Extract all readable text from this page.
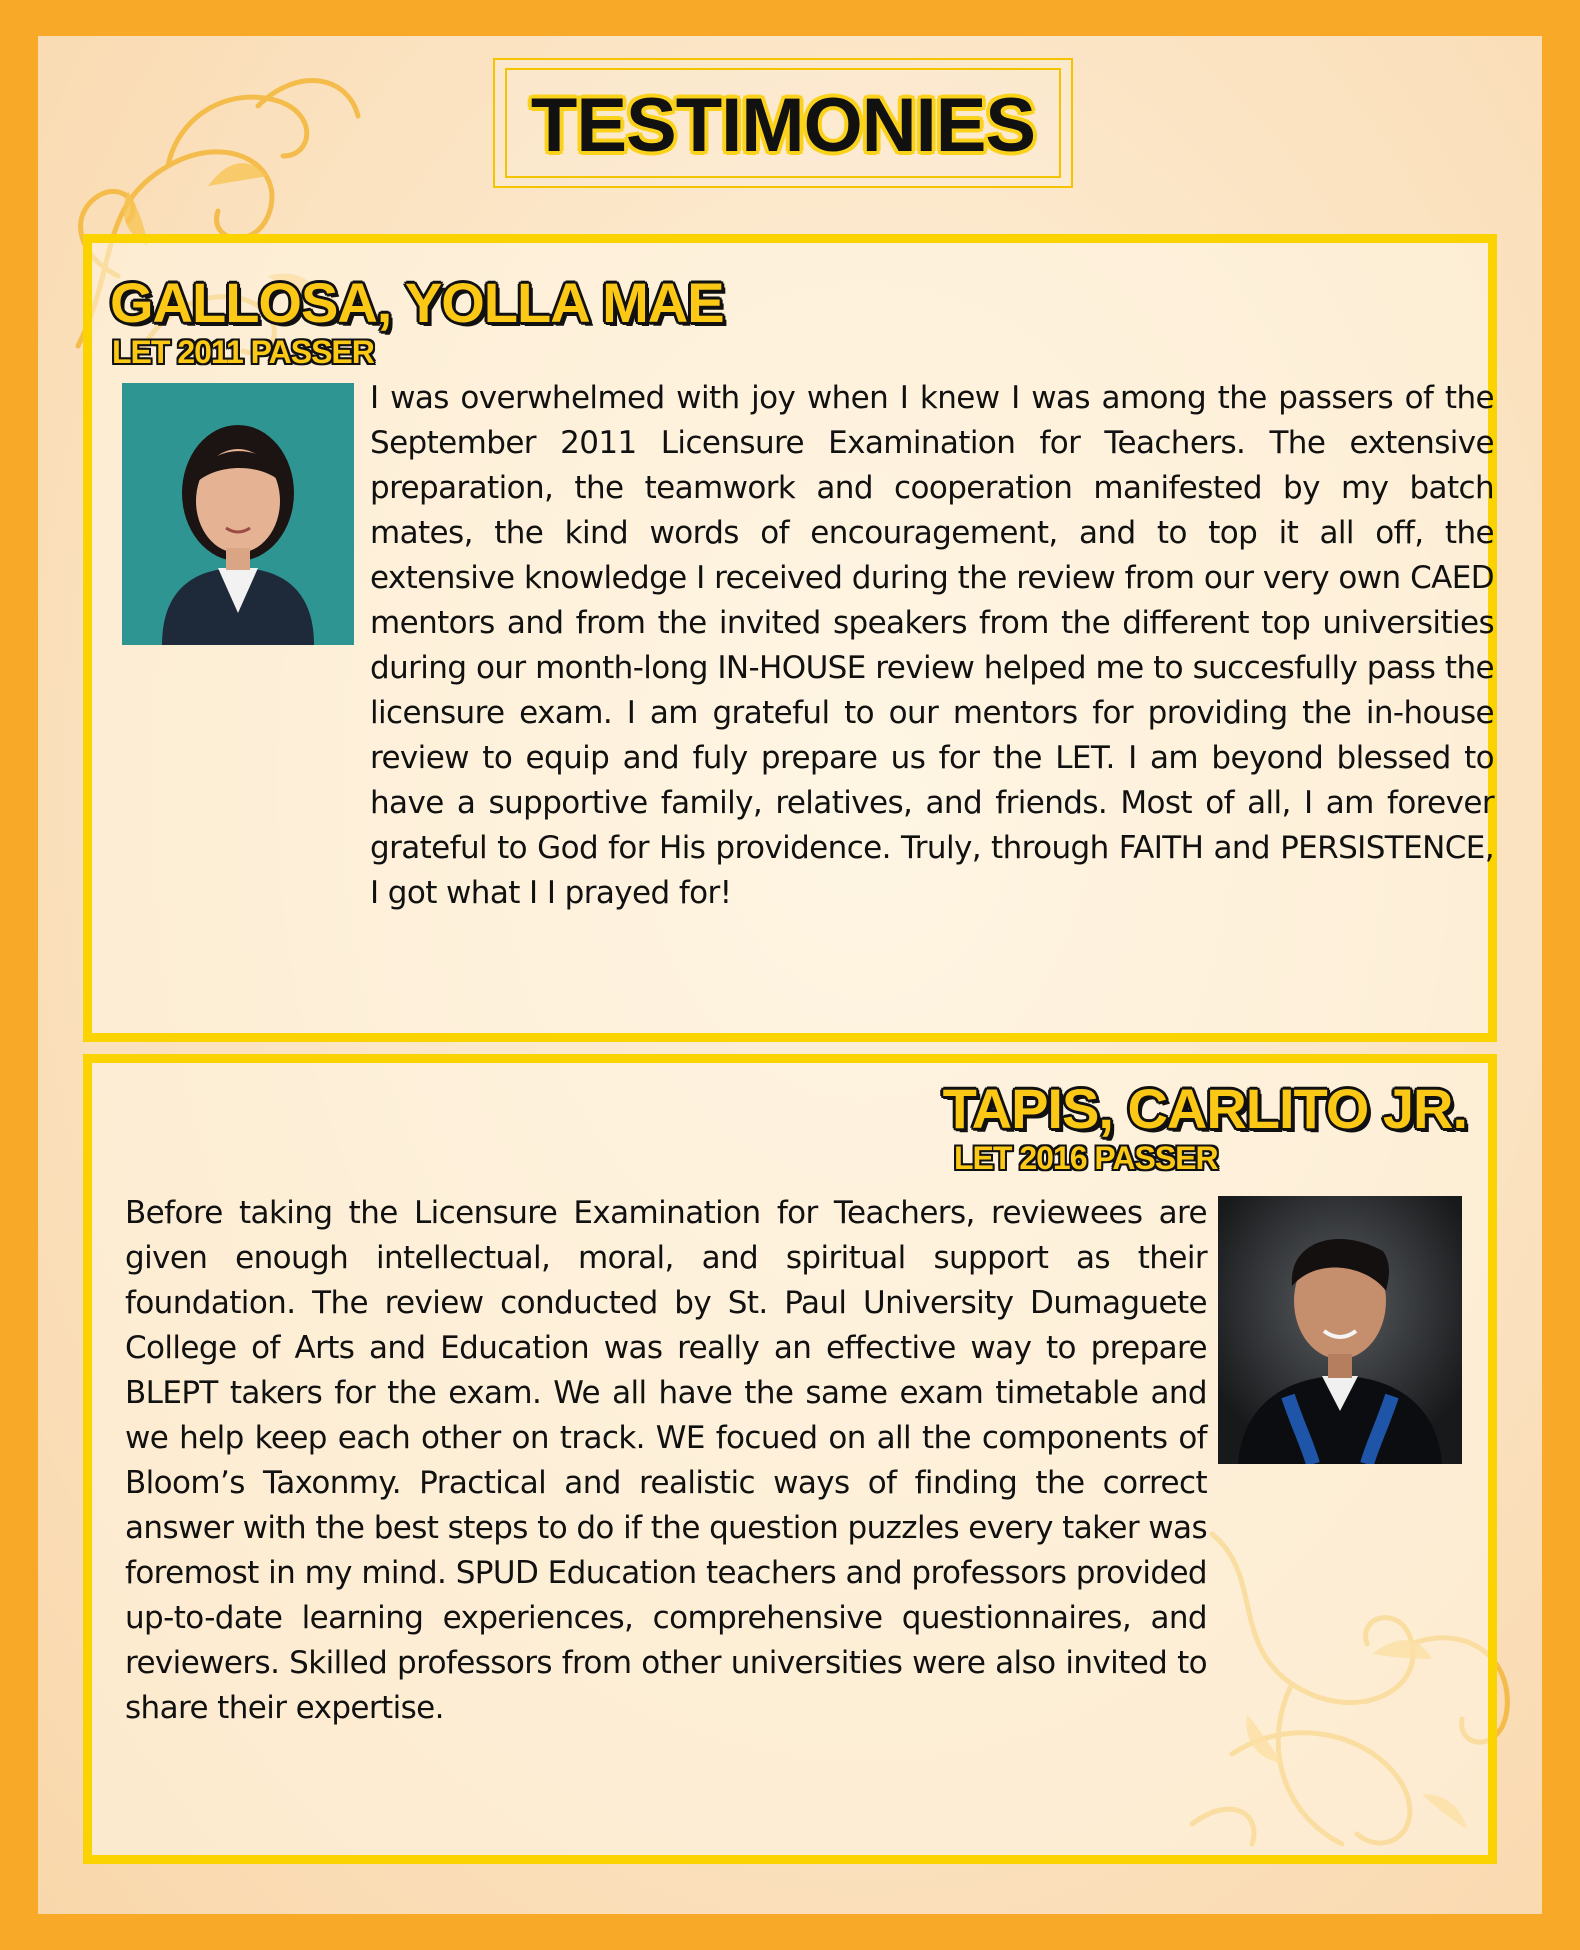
TESTIMONIES
GALLOSA, YOLLA MAE
LET 2011 PASSER

I was overwhelmed with joy when I knew I was among the passers of the September 2011 Licensure Examination for Teachers. The extensive preparation, the teamwork and cooperation manifested by my batch mates, the kind words of encouragement, and to top it all off, the extensive knowledge I received during the review from our very own CAED mentors and from the invited speakers from the different top universities during our month-long IN-HOUSE review helped me to succesfully pass the licensure exam. I am grateful to our mentors for providing the in-house review to equip and fuly prepare us for the LET. I am beyond blessed to have a supportive family, relatives, and friends. Most of all, I am forever grateful to God for His providence. Truly, through FAITH and PERSISTENCE, I got what I I prayed for!

TAPIS, CARLITO JR.
LET 2016 PASSER

Before taking the Licensure Examination for Teachers, reviewees are given enough intellectual, moral, and spiritual support as their foundation. The review conducted by St. Paul University Dumaguete College of Arts and Education was really an effective way to prepare BLEPT takers for the exam. We all have the same exam timetable and we help keep each other on track. WE focued on all the components of Bloom’s Taxonmy. Practical and realistic ways of finding the correct answer with the best steps to do if the question puzzles every taker was foremost in my mind. SPUD Education teachers and professors provided up-to-date learning experiences, comprehensive questionnaires, and reviewers. Skilled professors from other universities were also invited to share their expertise.
